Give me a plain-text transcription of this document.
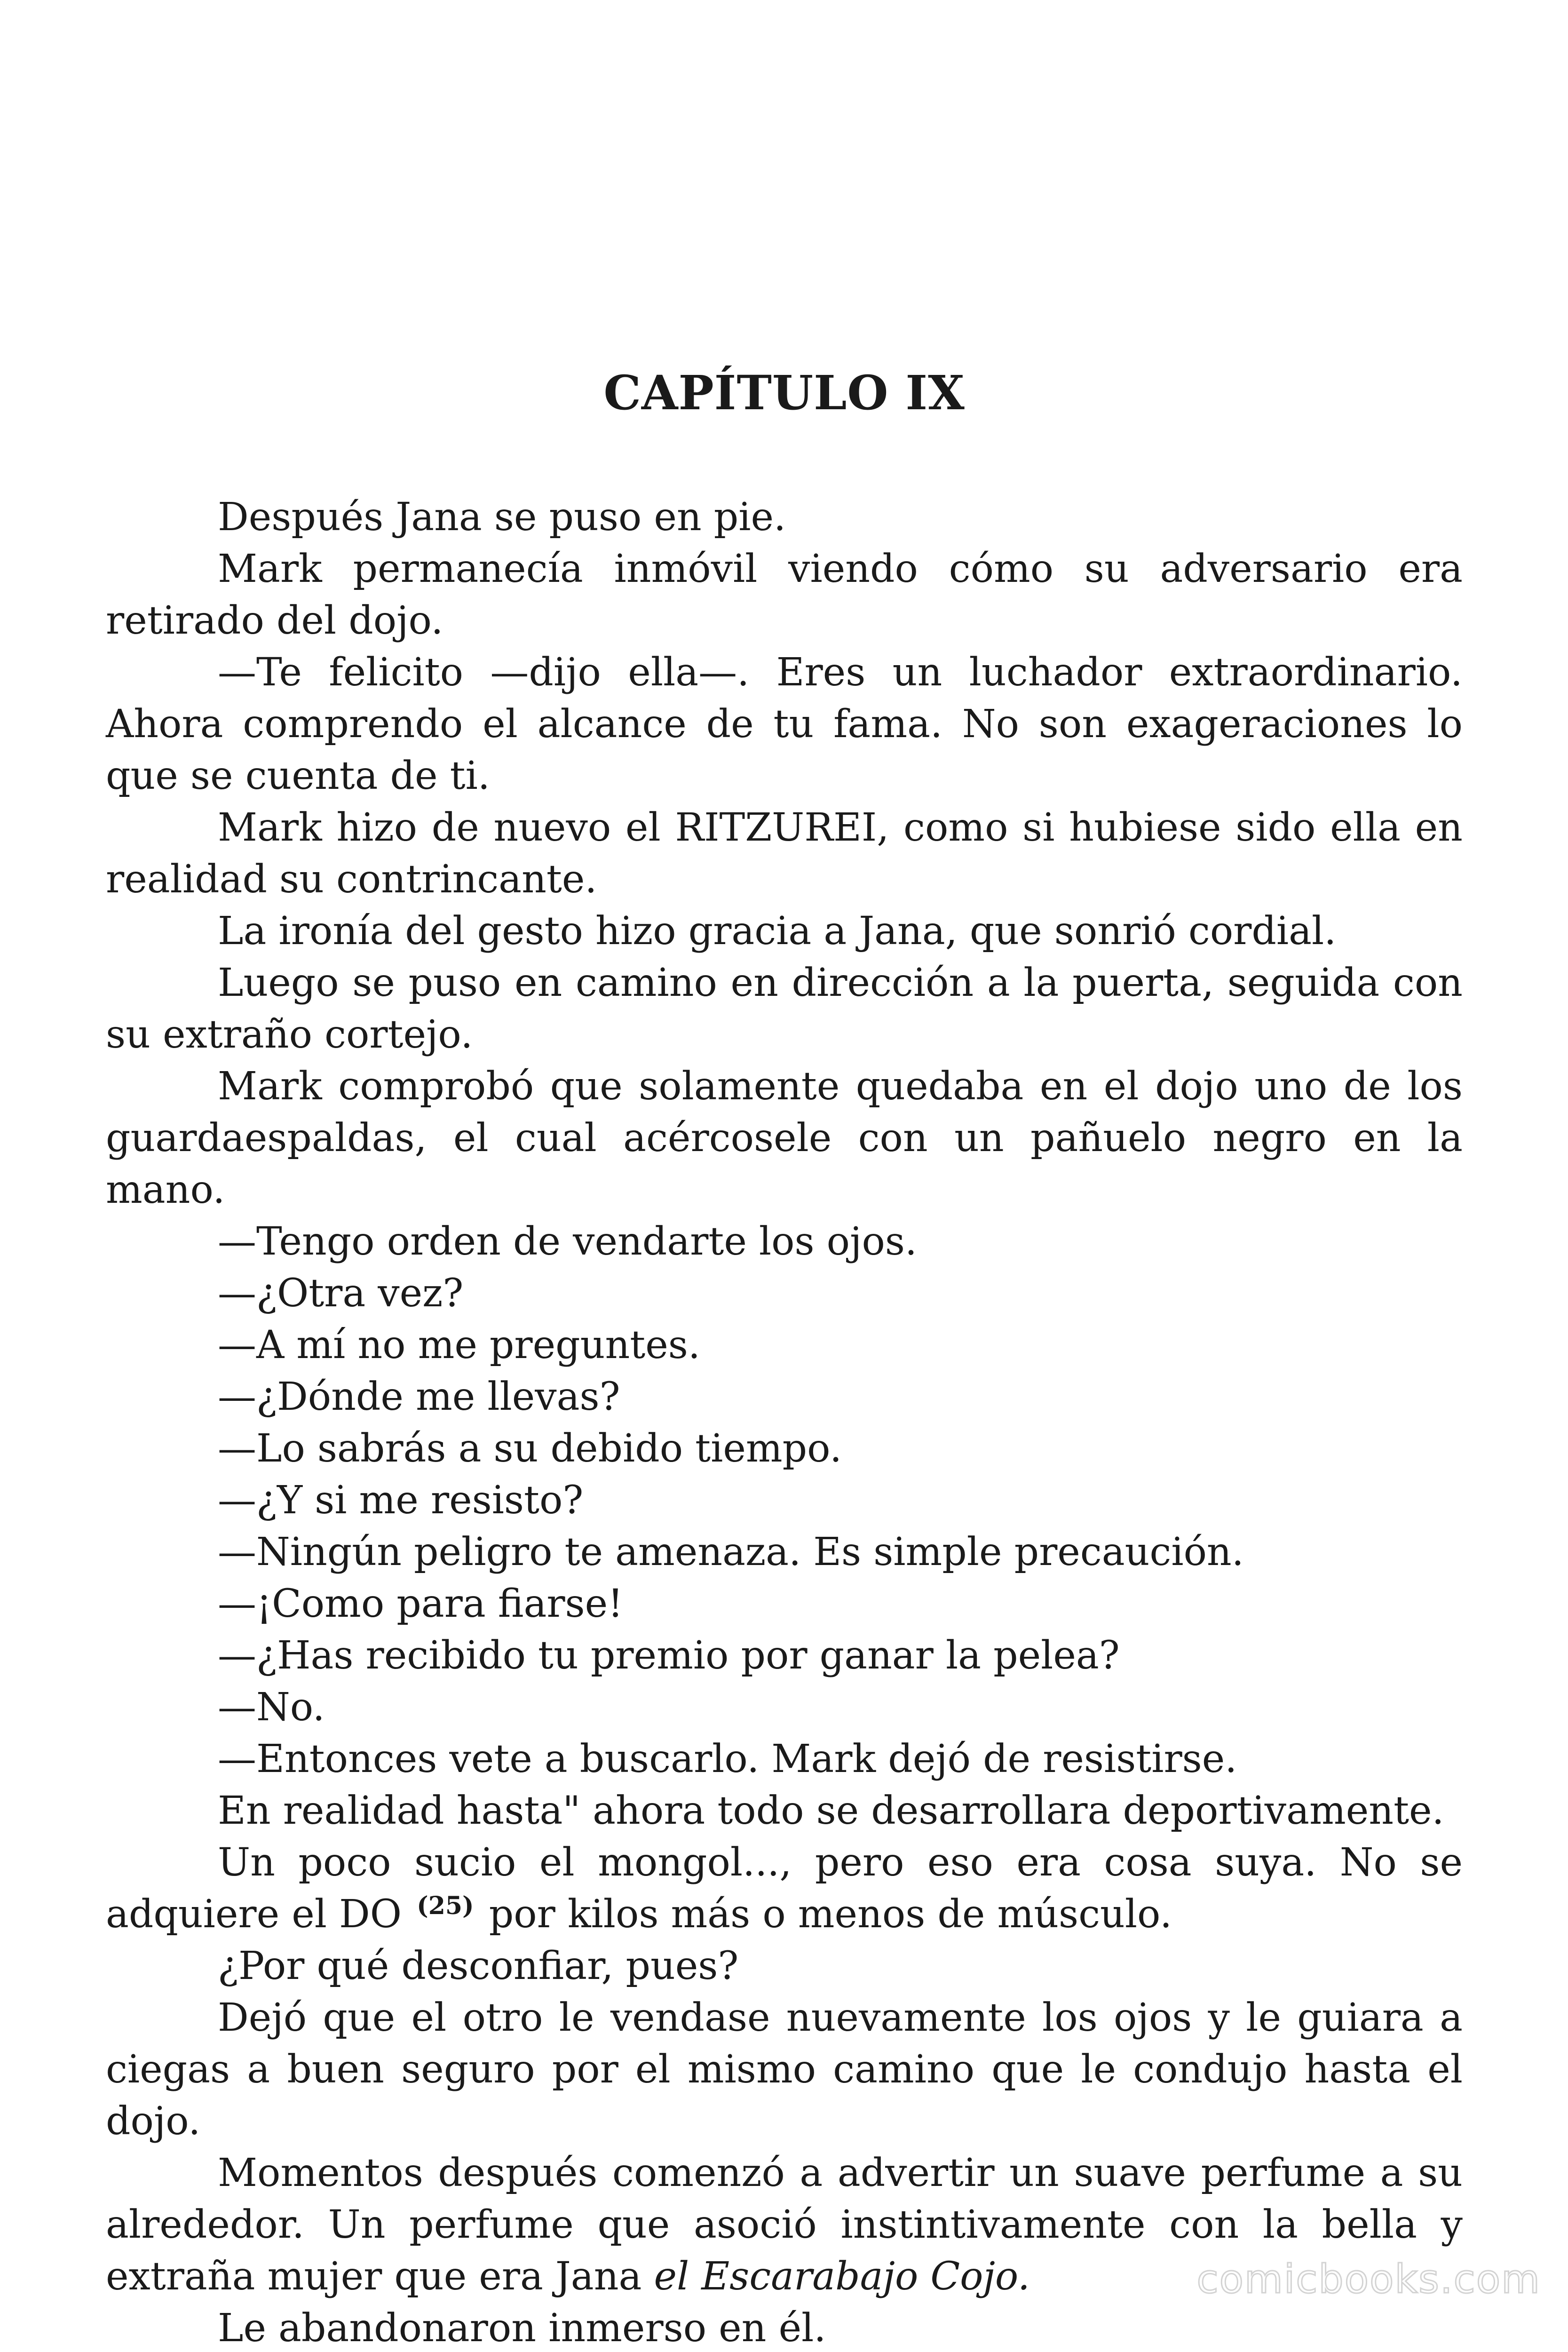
CAPÍTULO IX

Después Jana se puso en pie.

Mark permanecía inmóvil viendo cómo su adversario era retirado del dojo.

—Te felicito —dijo ella—. Eres un luchador extraordinario. Ahora comprendo el alcance de tu fama. No son exageraciones lo que se cuenta de ti.

Mark hizo de nuevo el RITZUREI, como si hubiese sido ella en realidad su contrincante.

La ironía del gesto hizo gracia a Jana, que sonrió cordial.

Luego se puso en camino en dirección a la puerta, seguida con su extraño cortejo.

Mark comprobó que solamente quedaba en el dojo uno de los guardaespaldas, el cual acércosele con un pañuelo negro en la mano.

—Tengo orden de vendarte los ojos.

—¿Otra vez?

—A mí no me preguntes.

—¿Dónde me llevas?

—Lo sabrás a su debido tiempo.

—¿Y si me resisto?

—Ningún peligro te amenaza. Es simple precaución.

—¡Como para fiarse!

—¿Has recibido tu premio por ganar la pelea?

—No.

—Entonces vete a buscarlo. Mark dejó de resistirse.

En realidad hasta" ahora todo se desarrollara deportivamente.

Un poco sucio el mongol..., pero eso era cosa suya. No se adquiere el DO $^{(25)}$ por kilos más o menos de músculo.

¿Por qué desconfiar, pues?

Dejó que el otro le vendase nuevamente los ojos y le guiara a ciegas a buen seguro por el mismo camino que le condujo hasta el dojo.

Momentos después comenzó a advertir un suave perfume a su alrededor. Un perfume que asoció instintivamente con la bella y extraña mujer que era Jana el Escarabajo Cojo.

Le abandonaron inmerso en él.

comicbooks.com
